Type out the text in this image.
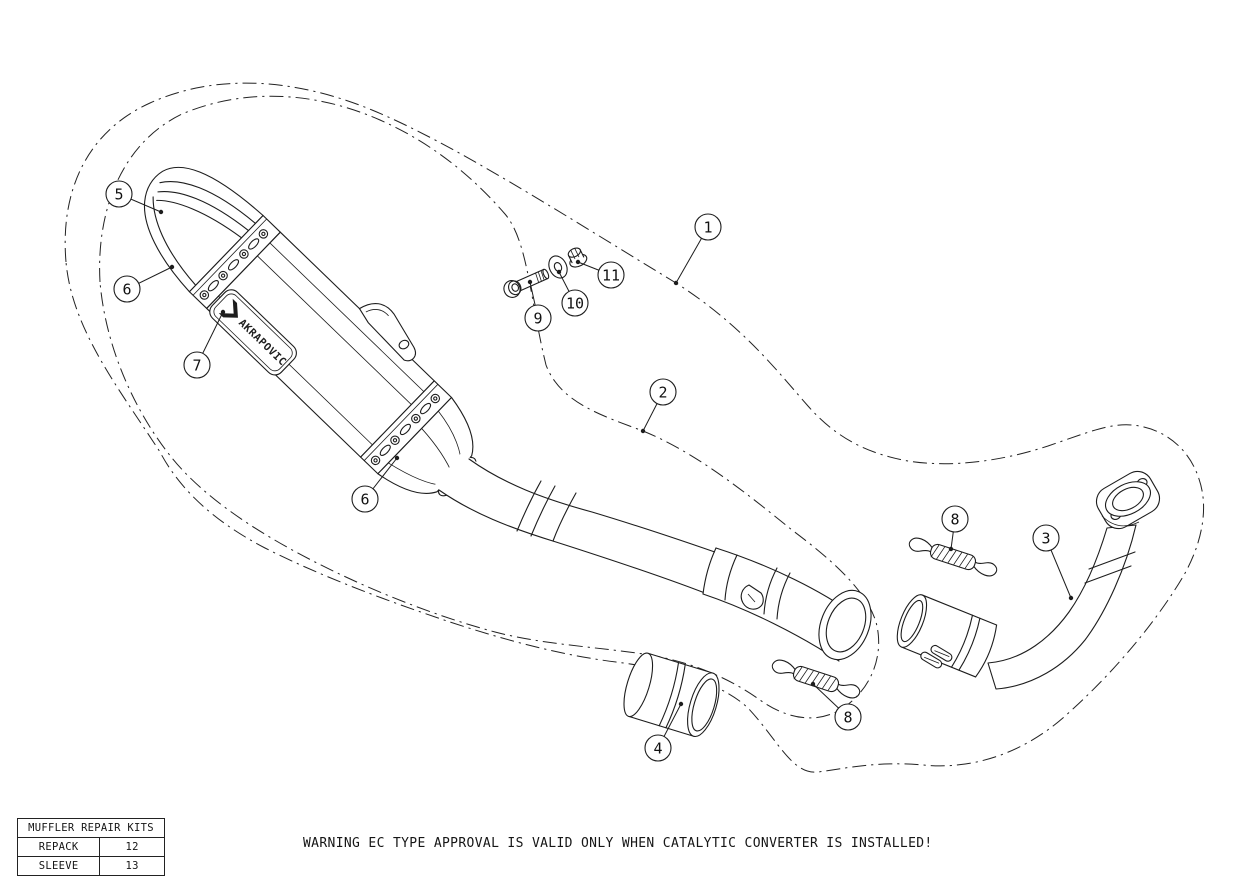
AKRAPOVIC
1
2
3
4
5
6
6
7
8
8
9
10
11
MUFFLER REPAIR KITS	
REPACK	12
SLEEVE	13
WARNING EC TYPE APPROVAL IS VALID ONLY WHEN CATALYTIC CONVERTER IS INSTALLED!
